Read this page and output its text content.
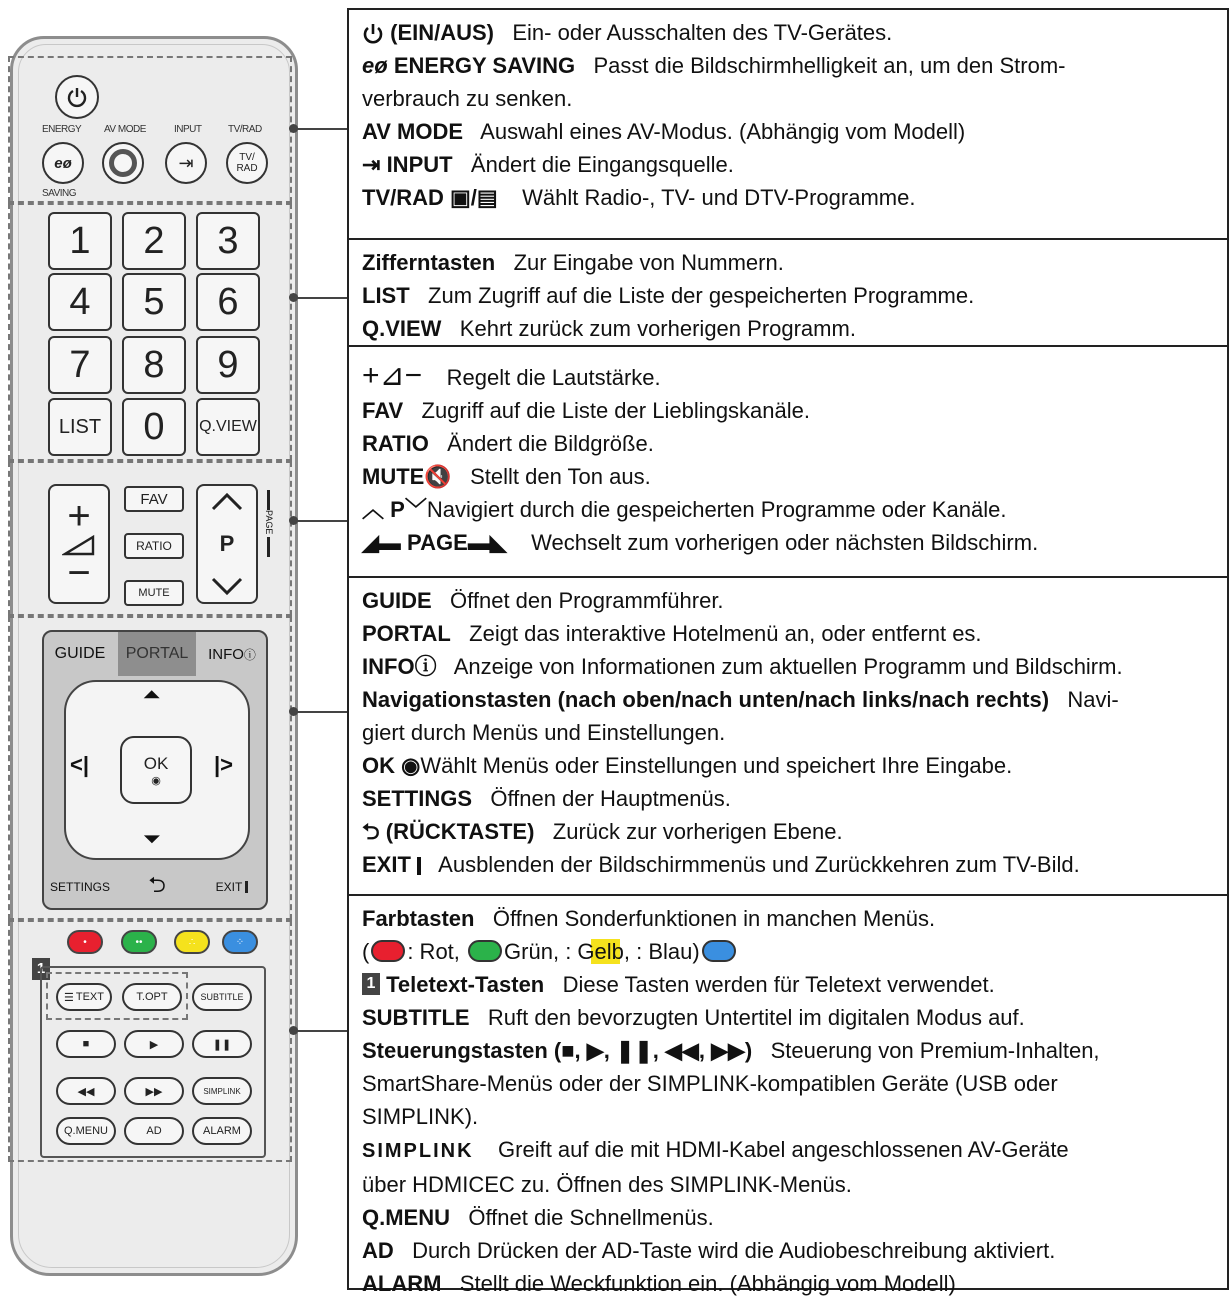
ENERGY AV MODE	INPUT	TV/RAD
eø
SAVING
⇥	TV/
RAD
1	2	3
4	5	6
7	8	9
LIST	0	Q.VIEW
+
−
FAV
RATIO
MUTE
P
PAGE
GUIDE	PORTAL	INFO ⓘ
⏶
⏷
<|	|>
OK
◉
SETTINGS ⮌	EXIT
•	••	∴	⁘
1
☰ TEXT	T.OPT	SUBTITLE
■	▶	❚❚
◀◀	▶▶	SIMPLINK
Q.MENU	AD	ALARM
(EIN/AUS) Ein- oder Ausschalten des TV-Gerätes.
eø ENERGY SAVING Passt die Bildschirmhelligkeit an, um den Strom-
verbrauch zu senken.
AV MODE Auswahl eines AV-Modus. (Abhängig vom Modell)
⇥ INPUT Ändert die Eingangsquelle.
TV/RAD ▣/▤ Wählt Radio-, TV- und DTV-Programme.
Zifferntasten Zur Eingabe von Nummern.
LIST Zum Zugriff auf die Liste der gespeicherten Programme.
Q.VIEW Kehrt zurück zum vorherigen Programm.
+⊿− Regelt die Lautstärke.
FAV Zugriff auf die Liste der Lieblingskanäle.
RATIO Ändert die Bildgröße.
MUTE🔇 Stellt den Ton aus.
︿ P﹀Navigiert durch die gespeicherten Programme oder Kanäle.
◢▬ PAGE▬◣ Wechselt zum vorherigen oder nächsten Bildschirm.
GUIDE Öffnet den Programmführer.
PORTAL Zeigt das interaktive Hotelmenü an, oder entfernt es.
INFOⓘ Anzeige von Informationen zum aktuellen Programm und Bildschirm.
Navigationstasten (nach oben/nach unten/nach links/nach rechts) Navi-
giert durch Menüs und Einstellungen.
OK ◉Wählt Menüs oder Einstellungen und speichert Ihre Eingabe.
SETTINGS Öffnen der Hauptmenüs.
⮌ (RÜCKTASTE) Zurück zur vorherigen Ebene.
EXIT Ausblenden der Bildschirmmenüs und Zurückkehren zum TV-Bild.
Farbtasten Öffnen Sonderfunktionen in manchen Menüs.
( : Rot, Grün, : Gelb, : Blau)
1 Teletext-Tasten Diese Tasten werden für Teletext verwendet.
SUBTITLE Ruft den bevorzugten Untertitel im digitalen Modus auf.
Steuerungstasten (■, ▶, ❚❚, ◀◀, ▶▶) Steuerung von Premium-Inhalten,
SmartShare-Menüs oder der SIMPLINK-kompatiblen Geräte (USB oder
SIMPLINK).
SIMPLINK Greift auf die mit HDMI-Kabel angeschlossenen AV-Geräte
über HDMICEC zu. Öffnen des SIMPLINK-Menüs.
Q.MENU Öffnet die Schnellmenüs.
AD Durch Drücken der AD-Taste wird die Audiobeschreibung aktiviert.
ALARM Stellt die Weckfunktion ein. (Abhängig vom Modell)
